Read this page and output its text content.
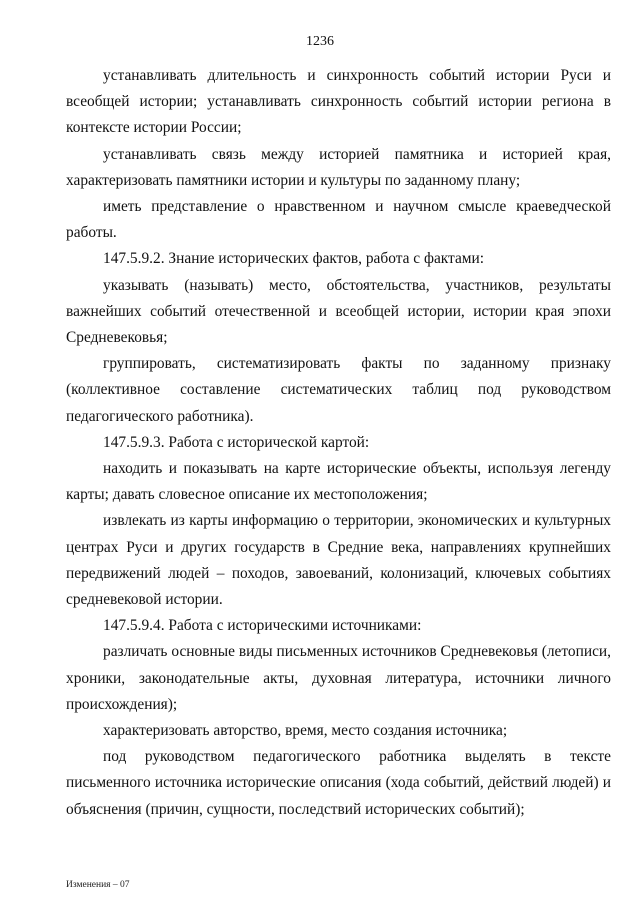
1236

устанавливать длительность и синхронность событий истории Руси и всеобщей истории; устанавливать синхронность событий истории региона в контексте истории России;

устанавливать связь между историей памятника и историей края, характеризовать памятники истории и культуры по заданному плану;

иметь представление о нравственном и научном смысле краеведческой работы.

147.5.9.2. Знание исторических фактов, работа с фактами:

указывать (называть) место, обстоятельства, участников, результаты важнейших событий отечественной и всеобщей истории, истории края эпохи Средневековья;

группировать, систематизировать факты по заданному признаку (коллективное составление систематических таблиц под руководством педагогического работника).

147.5.9.3. Работа с исторической картой:

находить и показывать на карте исторические объекты, используя легенду карты; давать словесное описание их местоположения;

извлекать из карты информацию о территории, экономических и культурных центрах Руси и других государств в Средние века, направлениях крупнейших передвижений людей – походов, завоеваний, колонизаций, ключевых событиях средневековой истории.

147.5.9.4. Работа с историческими источниками:

различать основные виды письменных источников Средневековья (летописи, хроники, законодательные акты, духовная литература, источники личного происхождения);

характеризовать авторство, время, место создания источника;

под руководством педагогического работника выделять в тексте письменного источника исторические описания (хода событий, действий людей) и объяснения (причин, сущности, последствий исторических событий);

Изменения – 07
